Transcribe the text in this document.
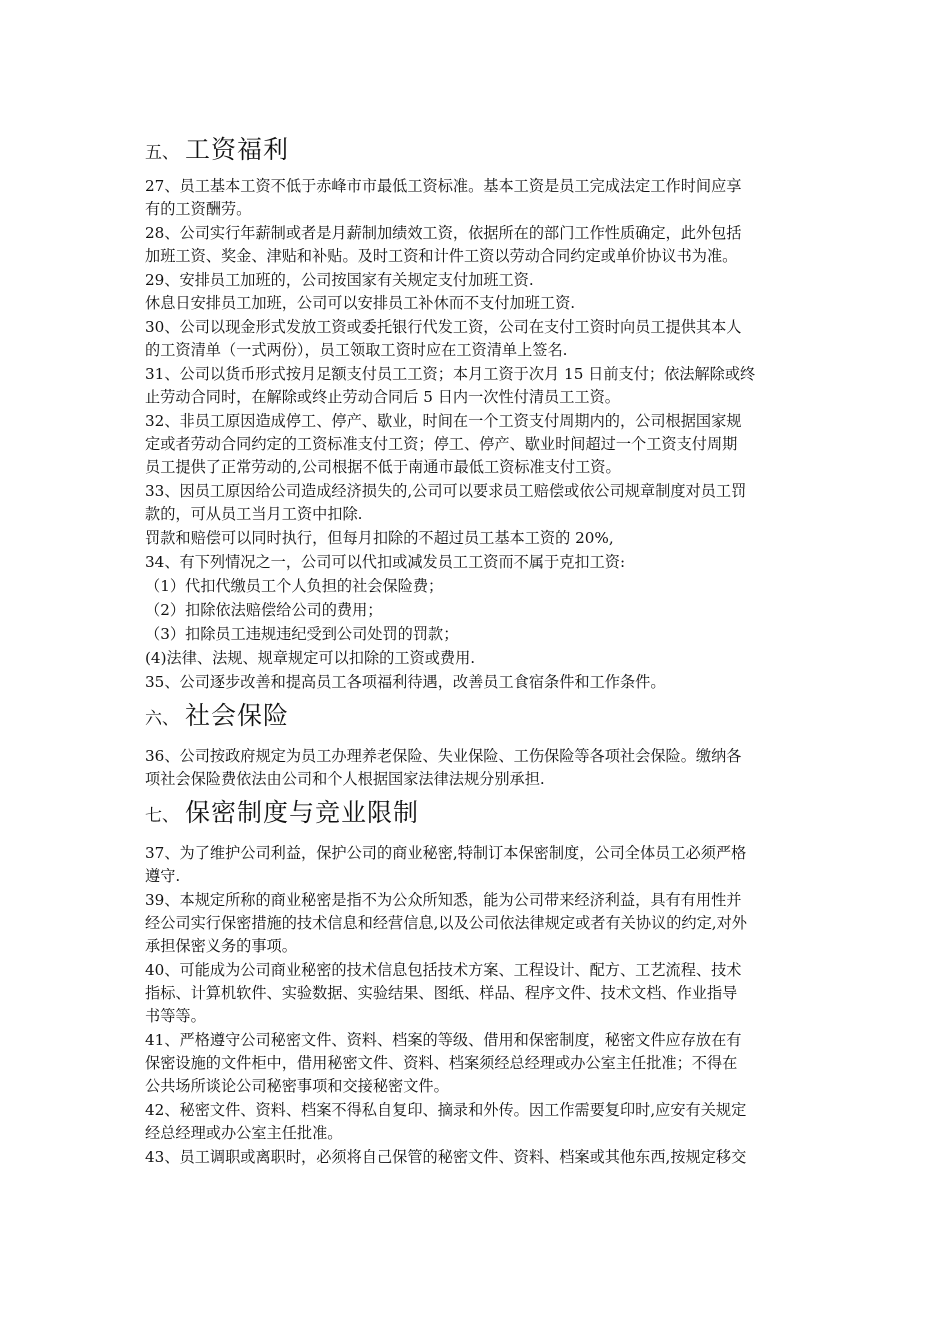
五、 工资福利

27、员工基本工资不低于赤峰市市最低工资标准。基本工资是员工完成法定工作时间应享

有的工资酬劳。

28、公司实行年薪制或者是月薪制加绩效工资，依据所在的部门工作性质确定，此外包括

加班工资、奖金、津贴和补贴。及时工资和计件工资以劳动合同约定或单价协议书为准。

29、安排员工加班的，公司按国家有关规定支付加班工资.

休息日安排员工加班，公司可以安排员工补休而不支付加班工资.

30、公司以现金形式发放工资或委托银行代发工资，公司在支付工资时向员工提供其本人

的工资清单（一式两份），员工领取工资时应在工资清单上签名.

31、公司以货币形式按月足额支付员工工资；本月工资于次月 15 日前支付；依法解除或终

止劳动合同时，在解除或终止劳动合同后 5 日内一次性付清员工工资。

32、非员工原因造成停工、停产、歇业，时间在一个工资支付周期内的，公司根据国家规

定或者劳动合同约定的工资标准支付工资；停工、停产、歇业时间超过一个工资支付周期

员工提供了正常劳动的,公司根据不低于南通市最低工资标准支付工资。

33、因员工原因给公司造成经济损失的,公司可以要求员工赔偿或依公司规章制度对员工罚

款的，可从员工当月工资中扣除.

罚款和赔偿可以同时执行，但每月扣除的不超过员工基本工资的 20%,

34、有下列情况之一，公司可以代扣或减发员工工资而不属于克扣工资:

（1）代扣代缴员工个人负担的社会保险费；

（2）扣除依法赔偿给公司的费用；

（3）扣除员工违规违纪受到公司处罚的罚款；

(4)法律、法规、规章规定可以扣除的工资或费用.

35、公司逐步改善和提高员工各项福利待遇，改善员工食宿条件和工作条件。

六、 社会保险

36、公司按政府规定为员工办理养老保险、失业保险、工伤保险等各项社会保险。缴纳各

项社会保险费依法由公司和个人根据国家法律法规分别承担.

七、 保密制度与竞业限制

37、为了维护公司利益，保护公司的商业秘密,特制订本保密制度，公司全体员工必须严格

遵守.

39、本规定所称的商业秘密是指不为公众所知悉，能为公司带来经济利益，具有有用性并

经公司实行保密措施的技术信息和经营信息,以及公司依法律规定或者有关协议的约定,对外

承担保密义务的事项。

40、可能成为公司商业秘密的技术信息包括技术方案、工程设计、配方、工艺流程、技术

指标、计算机软件、实验数据、实验结果、图纸、样品、程序文件、技术文档、作业指导

书等等。

41、严格遵守公司秘密文件、资料、档案的等级、借用和保密制度，秘密文件应存放在有

保密设施的文件柜中，借用秘密文件、资料、档案须经总经理或办公室主任批准；不得在

公共场所谈论公司秘密事项和交接秘密文件。

42、秘密文件、资料、档案不得私自复印、摘录和外传。因工作需要复印时,应安有关规定

经总经理或办公室主任批准。

43、员工调职或离职时，必须将自己保管的秘密文件、资料、档案或其他东西,按规定移交
